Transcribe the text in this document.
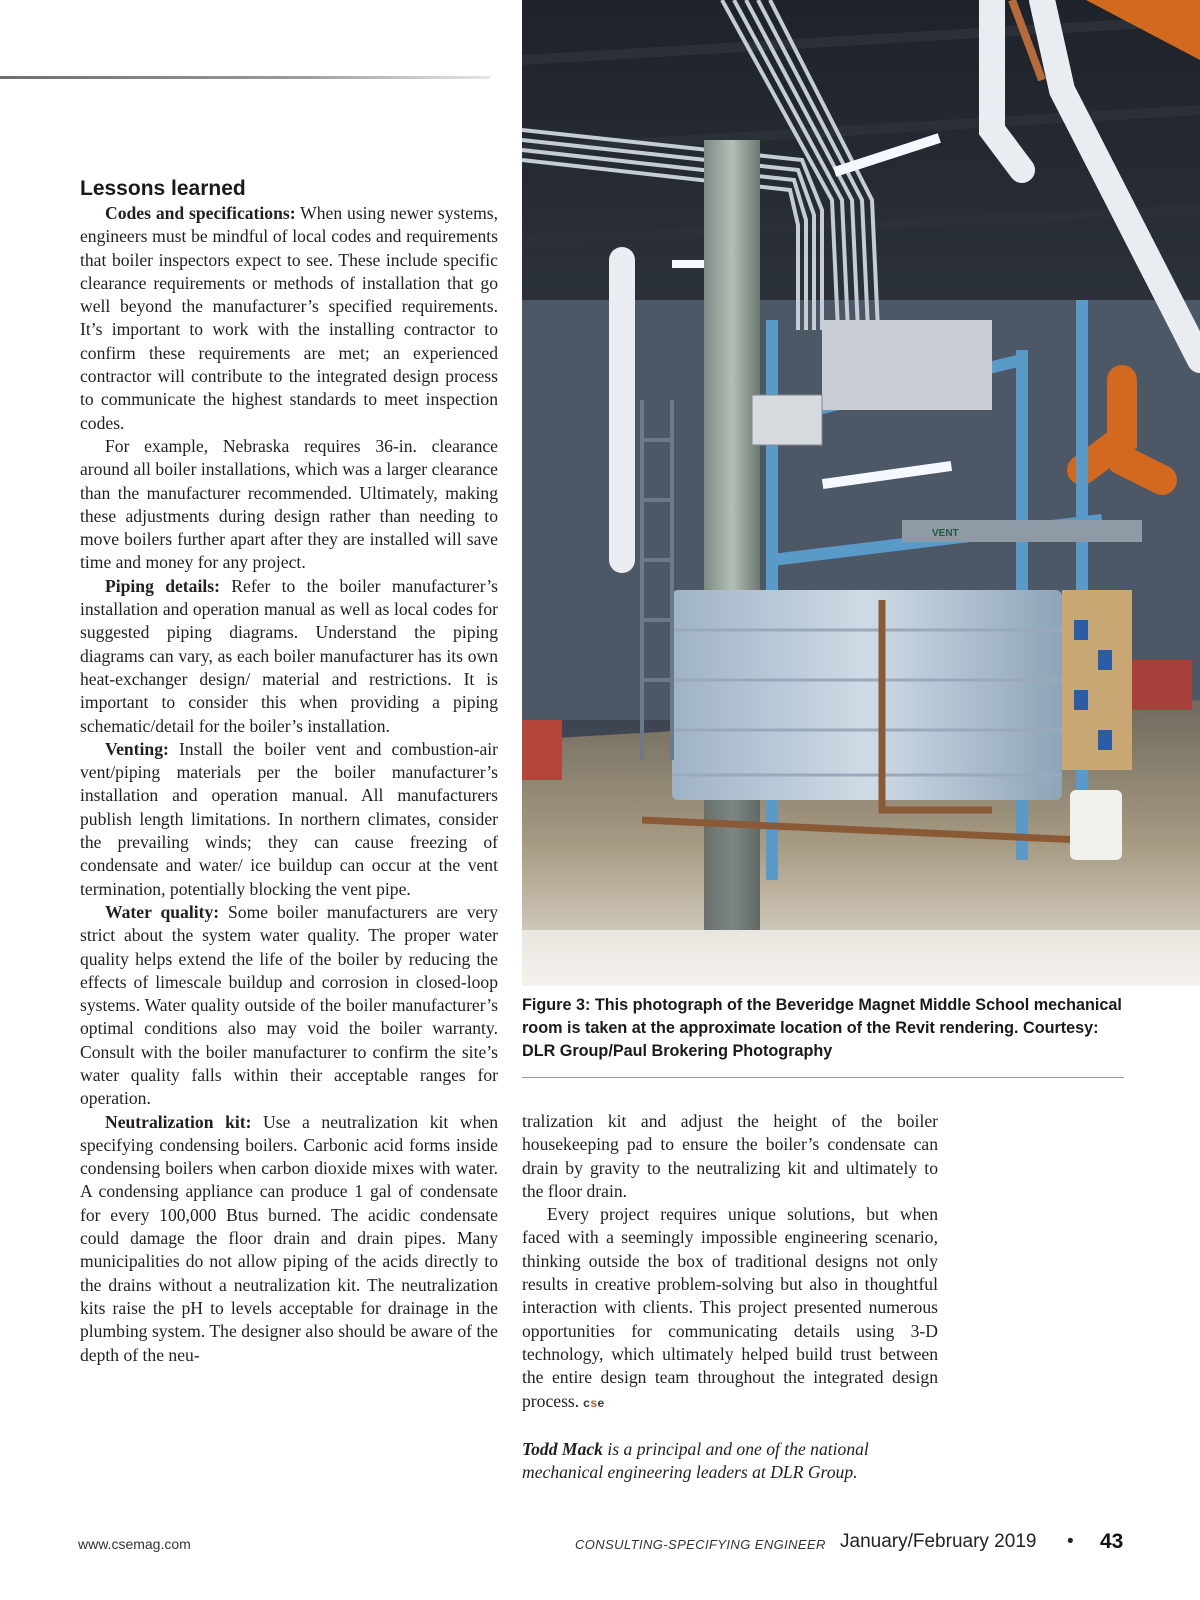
Lessons learned

Codes and specifications: When using newer systems, engineers must be mindful of local codes and requirements that boiler inspectors expect to see. These include specific clearance requirements or methods of installation that go well beyond the manufacturer’s specified requirements. It’s important to work with the installing contractor to confirm these requirements are met; an experienced contractor will contribute to the integrated design process to communicate the highest standards to meet inspection codes.

For example, Nebraska requires 36-in. clearance around all boiler installations, which was a larger clearance than the manufacturer recommended. Ultimately, making these adjustments during design rather than needing to move boilers further apart after they are installed will save time and money for any project.

Piping details: Refer to the boiler manufacturer’s installation and operation manual as well as local codes for suggested piping diagrams. Understand the piping diagrams can vary, as each boiler manufacturer has its own heat-exchanger design/ material and restrictions. It is important to consider this when providing a piping schematic/detail for the boiler’s installation.

Venting: Install the boiler vent and combustion-air vent/piping materials per the boiler manufacturer’s installation and operation manual. All manufacturers publish length limitations. In northern climates, consider the prevailing winds; they can cause freezing of condensate and water/ ice buildup can occur at the vent termination, potentially blocking the vent pipe.

Water quality: Some boiler manufacturers are very strict about the system water quality. The proper water quality helps extend the life of the boiler by reducing the effects of limescale buildup and corrosion in closed-loop systems. Water quality outside of the boiler manufacturer’s optimal conditions also may void the boiler warranty. Consult with the boiler manufacturer to confirm the site’s water quality falls within their acceptable ranges for operation.

Neutralization kit: Use a neutralization kit when specifying condensing boilers. Carbonic acid forms inside condensing boilers when carbon dioxide mixes with water. A condensing appliance can produce 1 gal of condensate for every 100,000 Btus burned. The acidic condensate could damage the floor drain and drain pipes. Many municipalities do not allow piping of the acids directly to the drains without a neutralization kit. The neutralization kits raise the pH to levels acceptable for drainage in the plumbing system. The designer also should be aware of the depth of the neu-

VENT
Figure 3: This photograph of the Beveridge Magnet Middle School mechanical room is taken at the approximate location of the Revit rendering. Courtesy: DLR Group/Paul Brokering Photography

tralization kit and adjust the height of the boiler housekeeping pad to ensure the boiler’s condensate can drain by gravity to the neutralizing kit and ultimately to the floor drain.

Every project requires unique solutions, but when faced with a seemingly impossible engineering scenario, thinking outside the box of traditional designs not only results in creative problem-solving but also in thoughtful interaction with clients. This project presented numerous opportunities for communicating details using 3-D technology, which ultimately helped build trust between the entire design team throughout the integrated design process. cse

Todd Mack is a principal and one of the national mechanical engineering leaders at DLR Group.

www.csemag.com	CONSULTING-SPECIFYING ENGINEER January/February 2019 • 43
